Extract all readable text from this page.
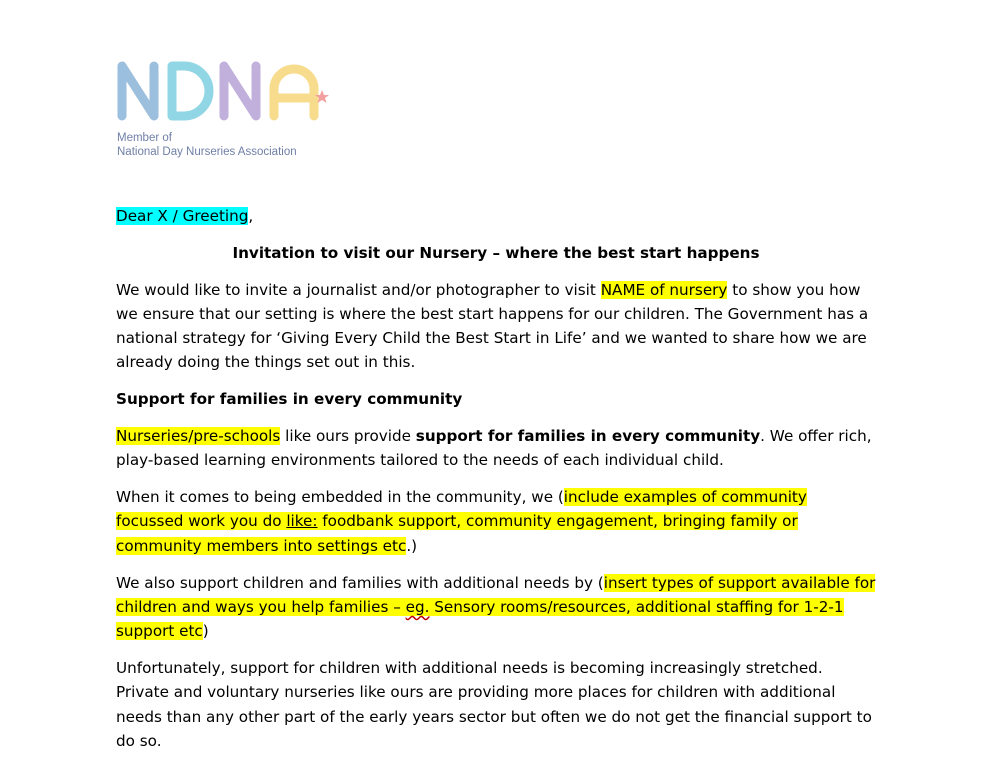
Member of
National Day Nurseries Association

Dear X / Greeting,

Invitation to visit our Nursery – where the best start happens

We would like to invite a journalist and/or photographer to visit NAME of nursery to show you how we ensure that our setting is where the best start happens for our children. The Government has a national strategy for ‘Giving Every Child the Best Start in Life’ and we wanted to share how we are already doing the things set out in this.

Support for families in every community

Nurseries/pre-schools like ours provide support for families in every community. We offer rich, play-based learning environments tailored to the needs of each individual child.

When it comes to being embedded in the community, we (include examples of community focussed work you do like: foodbank support, community engagement, bringing family or community members into settings etc.)

We also support children and families with additional needs by (insert types of support available for children and ways you help families – eg. Sensory rooms/resources, additional staffing for 1-2-1 support etc)

Unfortunately, support for children with additional needs is becoming increasingly stretched. Private and voluntary nurseries like ours are providing more places for children with additional needs than any other part of the early years sector but often we do not get the financial support to do so.
